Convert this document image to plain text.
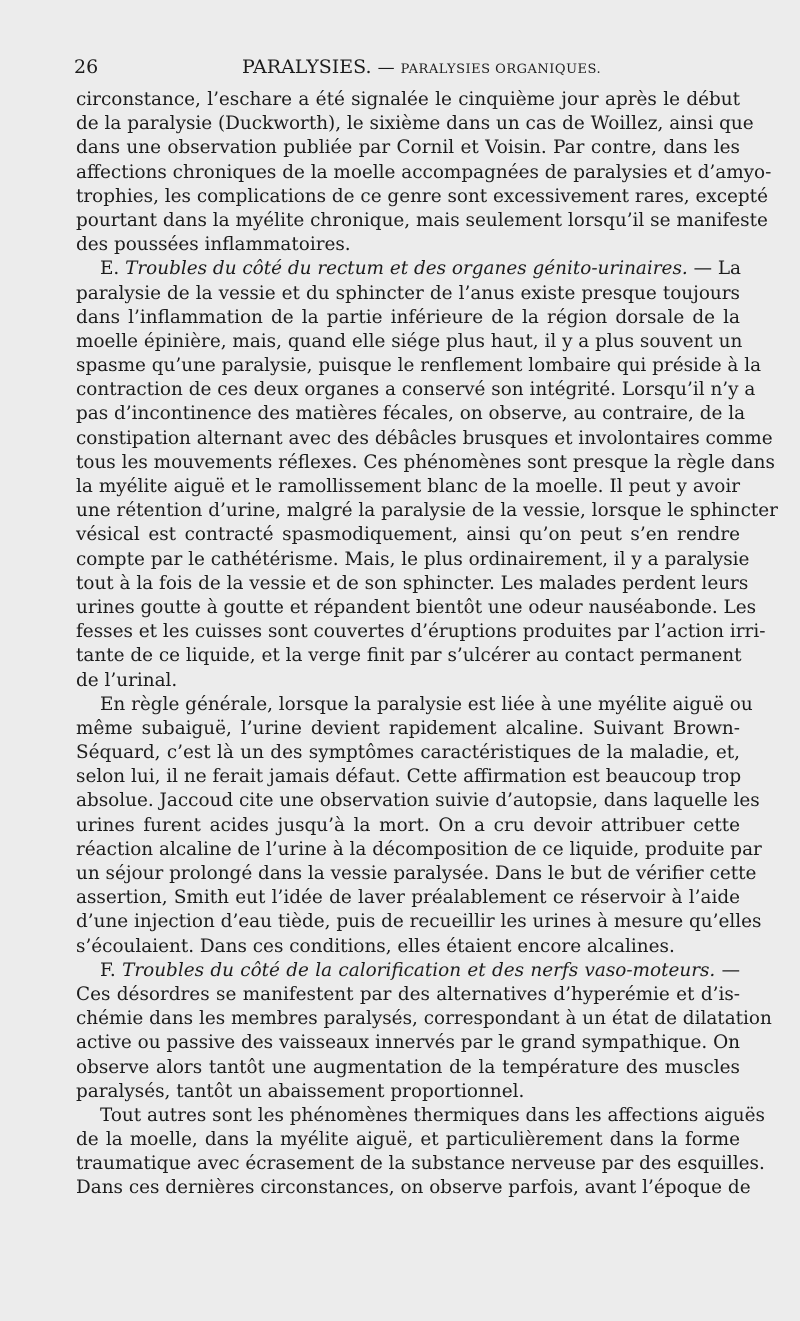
26	PARALYSIES. — PARALYSIES ORGANIQUES.
circonstance, l’eschare a été signalée le cinquième jour après le début
de la paralysie (Duckworth), le sixième dans un cas de Woillez, ainsi que
dans une observation publiée par Cornil et Voisin. Par contre, dans les
affections chroniques de la moelle accompagnées de paralysies et d’amyo-
trophies, les complications de ce genre sont excessivement rares, excepté
pourtant dans la myélite chronique, mais seulement lorsqu’il se manifeste
des poussées inflammatoires.
E. Troubles du côté du rectum et des organes génito-urinaires. — La
paralysie de la vessie et du sphincter de l’anus existe presque toujours
dans l’inflammation de la partie inférieure de la région dorsale de la
moelle épinière, mais, quand elle siége plus haut, il y a plus souvent un
spasme qu’une paralysie, puisque le renflement lombaire qui préside à la
contraction de ces deux organes a conservé son intégrité. Lorsqu’il n’y a
pas d’incontinence des matières fécales, on observe, au contraire, de la
constipation alternant avec des débâcles brusques et involontaires comme
tous les mouvements réflexes. Ces phénomènes sont presque la règle dans
la myélite aiguë et le ramollissement blanc de la moelle. Il peut y avoir
une rétention d’urine, malgré la paralysie de la vessie, lorsque le sphincter
vésical est contracté spasmodiquement, ainsi qu’on peut s’en rendre
compte par le cathétérisme. Mais, le plus ordinairement, il y a paralysie
tout à la fois de la vessie et de son sphincter. Les malades perdent leurs
urines goutte à goutte et répandent bientôt une odeur nauséabonde. Les
fesses et les cuisses sont couvertes d’éruptions produites par l’action irri-
tante de ce liquide, et la verge finit par s’ulcérer au contact permanent
de l’urinal.
En règle générale, lorsque la paralysie est liée à une myélite aiguë ou
même subaiguë, l’urine devient rapidement alcaline. Suivant Brown-
Séquard, c’est là un des symptômes caractéristiques de la maladie, et,
selon lui, il ne ferait jamais défaut. Cette affirmation est beaucoup trop
absolue. Jaccoud cite une observation suivie d’autopsie, dans laquelle les
urines furent acides jusqu’à la mort. On a cru devoir attribuer cette
réaction alcaline de l’urine à la décomposition de ce liquide, produite par
un séjour prolongé dans la vessie paralysée. Dans le but de vérifier cette
assertion, Smith eut l’idée de laver préalablement ce réservoir à l’aide
d’une injection d’eau tiède, puis de recueillir les urines à mesure qu’elles
s’écoulaient. Dans ces conditions, elles étaient encore alcalines.
F. Troubles du côté de la calorification et des nerfs vaso-moteurs. —
Ces désordres se manifestent par des alternatives d’hyperémie et d’is-
chémie dans les membres paralysés, correspondant à un état de dilatation
active ou passive des vaisseaux innervés par le grand sympathique. On
observe alors tantôt une augmentation de la température des muscles
paralysés, tantôt un abaissement proportionnel.
Tout autres sont les phénomènes thermiques dans les affections aiguës
de la moelle, dans la myélite aiguë, et particulièrement dans la forme
traumatique avec écrasement de la substance nerveuse par des esquilles.
Dans ces dernières circonstances, on observe parfois, avant l’époque de
